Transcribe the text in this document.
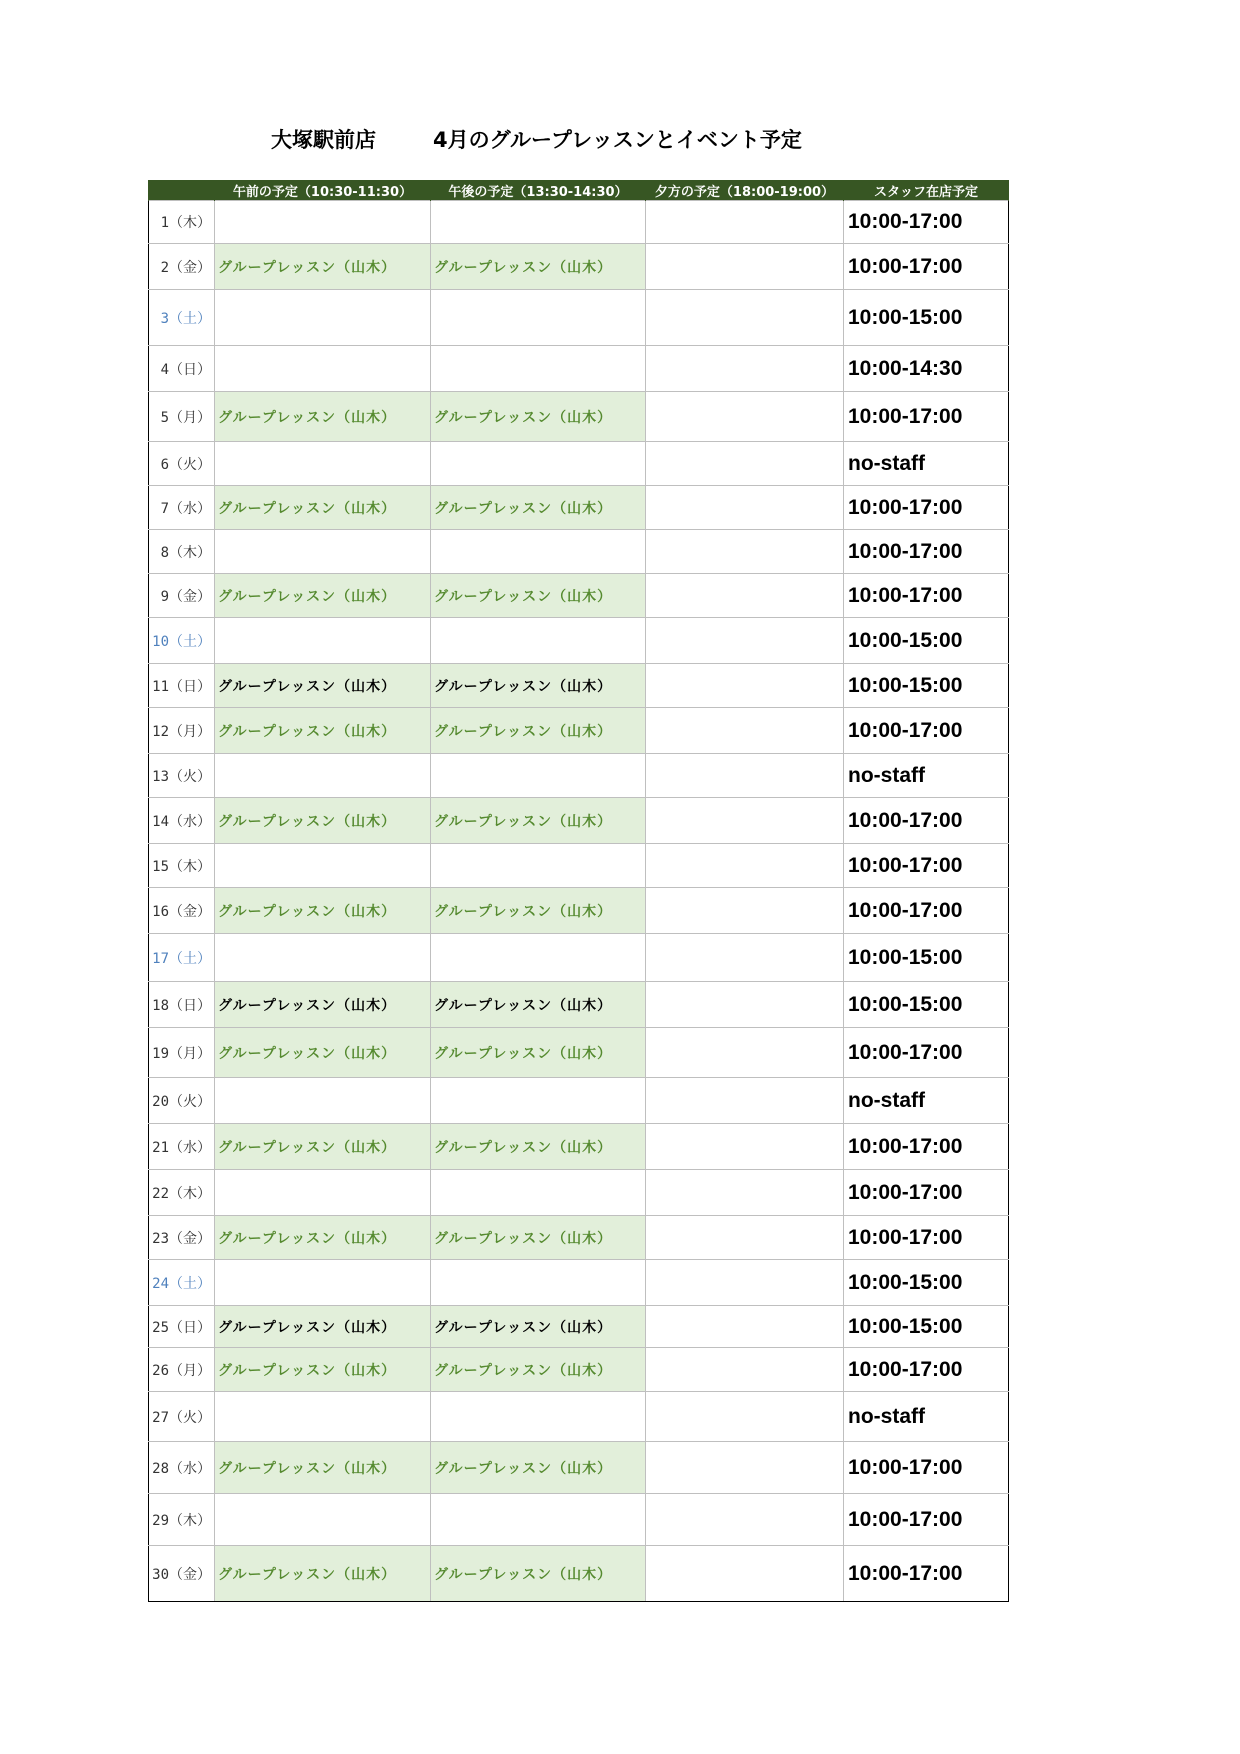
大塚駅前店	4月のグループレッスンとイベント予定
	午前の予定（10:30-11:30）	午後の予定（13:30-14:30）	夕方の予定（18:00-19:00）	スタッフ在店予定
1（木）				10:00-17:00
2（金）	グループレッスン（山木）	グループレッスン（山木）		10:00-17:00
3（土）				10:00-15:00
4（日）				10:00-14:30
5（月）	グループレッスン（山木）	グループレッスン（山木）		10:00-17:00
6（火）				no-staff
7（水）	グループレッスン（山木）	グループレッスン（山木）		10:00-17:00
8（木）				10:00-17:00
9（金）	グループレッスン（山木）	グループレッスン（山木）		10:00-17:00
10（土）				10:00-15:00
11（日）	グループレッスン（山木）	グループレッスン（山木）		10:00-15:00
12（月）	グループレッスン（山木）	グループレッスン（山木）		10:00-17:00
13（火）				no-staff
14（水）	グループレッスン（山木）	グループレッスン（山木）		10:00-17:00
15（木）				10:00-17:00
16（金）	グループレッスン（山木）	グループレッスン（山木）		10:00-17:00
17（土）				10:00-15:00
18（日）	グループレッスン（山木）	グループレッスン（山木）		10:00-15:00
19（月）	グループレッスン（山木）	グループレッスン（山木）		10:00-17:00
20（火）				no-staff
21（水）	グループレッスン（山木）	グループレッスン（山木）		10:00-17:00
22（木）				10:00-17:00
23（金）	グループレッスン（山木）	グループレッスン（山木）		10:00-17:00
24（土）				10:00-15:00
25（日）	グループレッスン（山木）	グループレッスン（山木）		10:00-15:00
26（月）	グループレッスン（山木）	グループレッスン（山木）		10:00-17:00
27（火）				no-staff
28（水）	グループレッスン（山木）	グループレッスン（山木）		10:00-17:00
29（木）				10:00-17:00
30（金）	グループレッスン（山木）	グループレッスン（山木）		10:00-17:00
